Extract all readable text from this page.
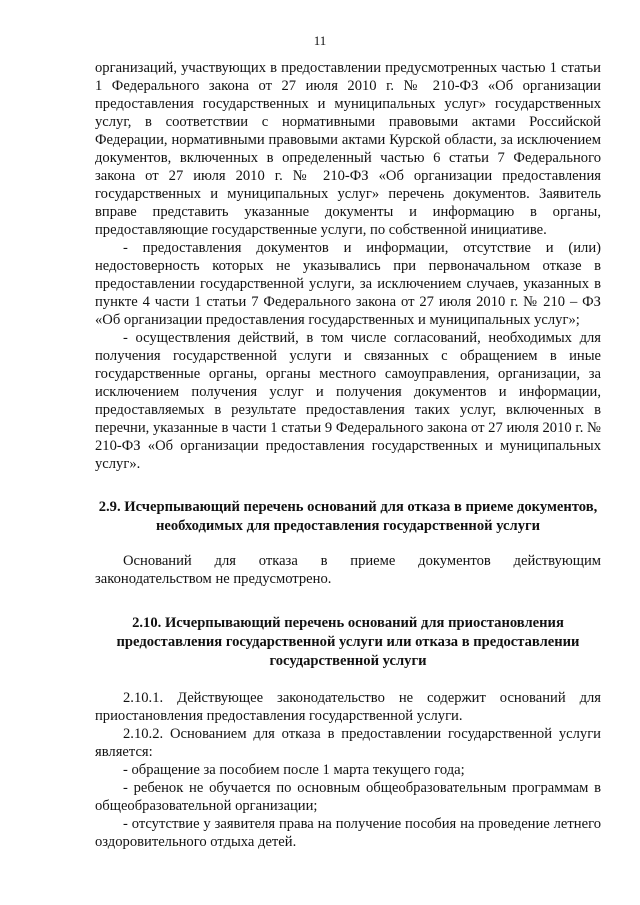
11

организаций, участвующих в предоставлении предусмотренных частью 1 статьи 1 Федерального закона от 27 июля 2010 г. № 210-ФЗ «Об организации предоставления государственных и муниципальных услуг» государственных услуг, в соответствии с нормативными правовыми актами Российской Федерации, нормативными правовыми актами Курской области, за исключением документов, включенных в определенный частью 6 статьи 7 Федерального закона от 27 июля 2010 г. № 210-ФЗ «Об организации предоставления государственных и муниципальных услуг» перечень документов. Заявитель вправе представить указанные документы и информацию в органы, предоставляющие государственные услуги, по собственной инициативе.

- предоставления документов и информации, отсутствие и (или) недостоверность которых не указывались при первоначальном отказе в предоставлении государственной услуги, за исключением случаев, указанных в пункте 4 части 1 статьи 7 Федерального закона от 27 июля 2010 г. № 210 – ФЗ «Об организации предоставления государственных и муниципальных услуг»;

- осуществления действий, в том числе согласований, необходимых для получения государственной услуги и связанных с обращением в иные государственные органы, органы местного самоуправления, организации, за исключением получения услуг и получения документов и информации, предоставляемых в результате предоставления таких услуг, включенных в перечни, указанные в части 1 статьи 9 Федерального закона от 27 июля 2010 г. № 210-ФЗ «Об организации предоставления государственных и муниципальных услуг».

2.9. Исчерпывающий перечень оснований для отказа в приеме документов, необходимых для предоставления государственной услуги

Оснований для отказа в приеме документов действующим законодательством не предусмотрено.

2.10. Исчерпывающий перечень оснований для приостановления предоставления государственной услуги или отказа в предоставлении государственной услуги

2.10.1. Действующее законодательство не содержит оснований для приостановления предоставления государственной услуги.

2.10.2. Основанием для отказа в предоставлении государственной услуги является:

- обращение за пособием после 1 марта текущего года;

- ребенок не обучается по основным общеобразовательным программам в общеобразовательной организации;

- отсутствие у заявителя права на получение пособия на проведение летнего оздоровительного отдыха детей.
